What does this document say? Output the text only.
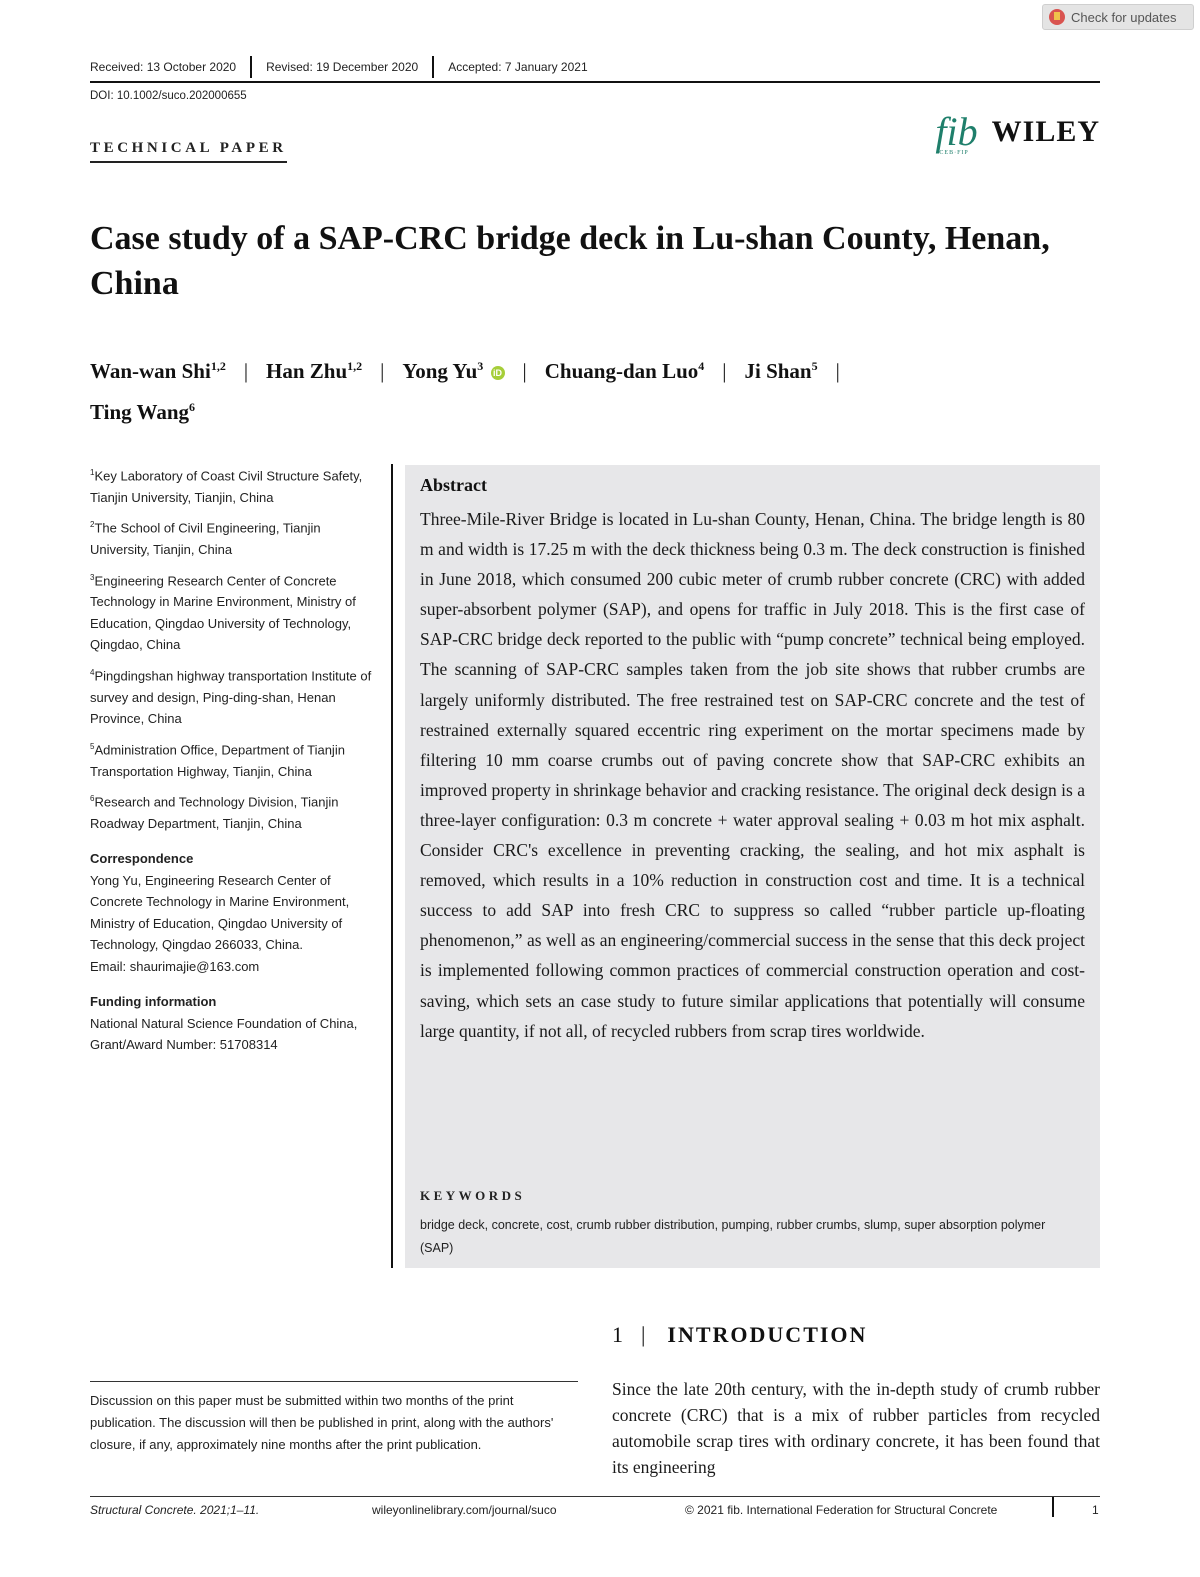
Check for updates
Received: 13 October 2020	Revised: 19 December 2020	Accepted: 7 January 2021
DOI: 10.1002/suco.202000655
TECHNICAL PAPER	fib CEB·FIP WILEY
Case study of a SAP-CRC bridge deck in Lu-shan County, Henan, China
Wan-wan Shi$^{1,2}$ | Han Zhu$^{1,2}$ | Yong Yu$^3$ iD | Chuang-dan Luo$^4$ | Ji Shan$^5$ |
Ting Wang$^6$
$^1$Key Laboratory of Coast Civil Structure Safety, Tianjin University, Tianjin, China
$^2$The School of Civil Engineering, Tianjin University, Tianjin, China
$^3$Engineering Research Center of Concrete Technology in Marine Environment, Ministry of Education, Qingdao University of Technology, Qingdao, China
$^4$Pingdingshan highway transportation Institute of survey and design, Ping-ding-shan, Henan Province, China
$^5$Administration Office, Department of Tianjin Transportation Highway, Tianjin, China
$^6$Research and Technology Division, Tianjin Roadway Department, Tianjin, China
Correspondence
Yong Yu, Engineering Research Center of Concrete Technology in Marine Environment, Ministry of Education, Qingdao University of Technology, Qingdao 266033, China.
Email: shaurimajie@163.com
Funding information
National Natural Science Foundation of China, Grant/Award Number: 51708314
Abstract
Three-Mile-River Bridge is located in Lu-shan County, Henan, China. The bridge length is 80 m and width is 17.25 m with the deck thickness being 0.3 m. The deck construction is finished in June 2018, which consumed 200 cubic meter of crumb rubber concrete (CRC) with added super-absorbent polymer (SAP), and opens for traffic in July 2018. This is the first case of SAP-CRC bridge deck reported to the public with “pump concrete” technical being employed. The scanning of SAP-CRC samples taken from the job site shows that rubber crumbs are largely uniformly distributed. The free restrained test on SAP-CRC concrete and the test of restrained externally squared eccentric ring experiment on the mortar specimens made by filtering 10 mm coarse crumbs out of paving concrete show that SAP-CRC exhibits an improved property in shrinkage behavior and cracking resistance. The original deck design is a three-layer configuration: 0.3 m concrete + water approval sealing + 0.03 m hot mix asphalt. Consider CRC's excellence in preventing cracking, the sealing, and hot mix asphalt is removed, which results in a 10% reduction in construction cost and time. It is a technical success to add SAP into fresh CRC to suppress so called “rubber particle up-floating phenomenon,” as well as an engineering/commercial success in the sense that this deck project is implemented following common practices of commercial construction operation and cost-saving, which sets an case study to future similar applications that potentially will consume large quantity, if not all, of recycled rubbers from scrap tires worldwide.
KEYWORDS
bridge deck, concrete, cost, crumb rubber distribution, pumping, rubber crumbs, slump, super absorption polymer (SAP)
1 | INTRODUCTION
Since the late 20th century, with the in-depth study of crumb rubber concrete (CRC) that is a mix of rubber particles from recycled automobile scrap tires with ordinary concrete, it has been found that its engineering
Discussion on this paper must be submitted within two months of the print publication. The discussion will then be published in print, along with the authors' closure, if any, approximately nine months after the print publication.
Structural Concrete. 2021;1–11.	wileyonlinelibrary.com/journal/suco	© 2021 fib. International Federation for Structural Concrete	1
